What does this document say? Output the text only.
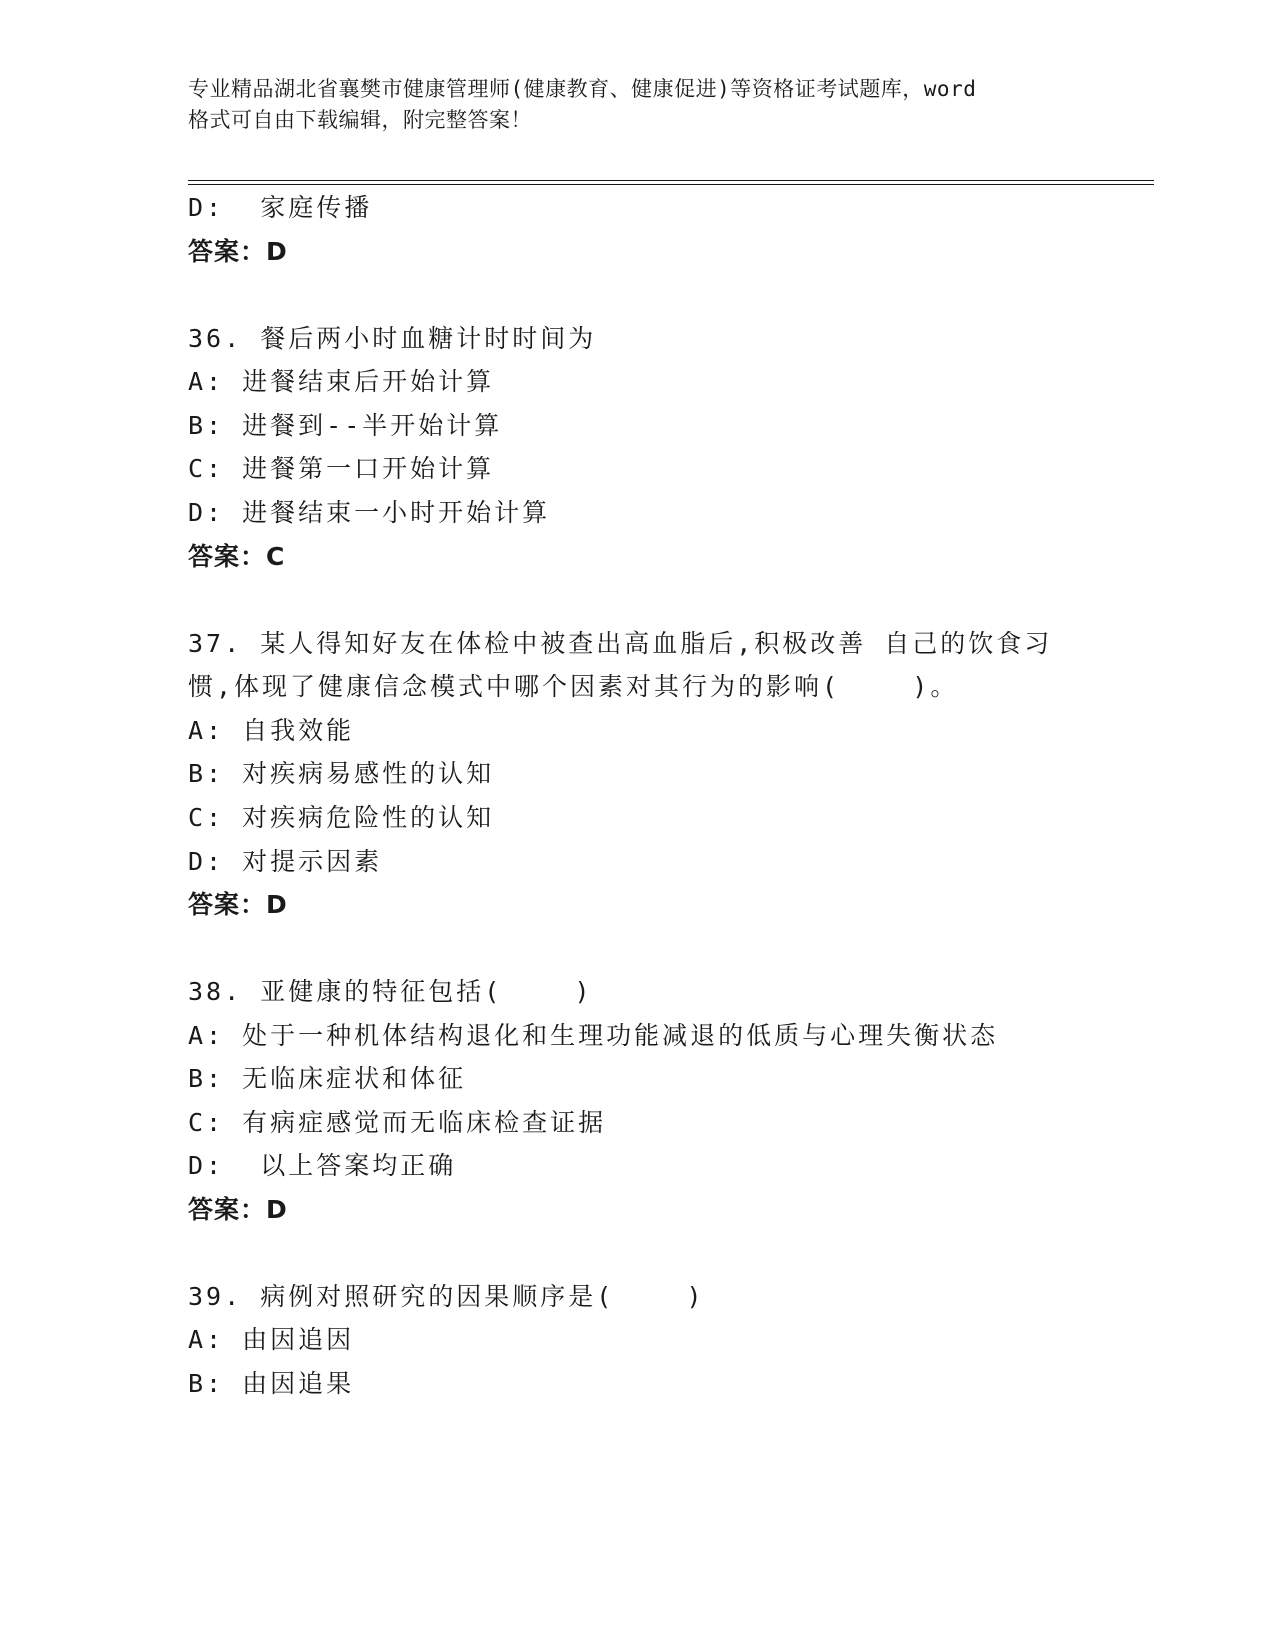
专业精品湖北省襄樊市健康管理师(健康教育、健康促进)等资格证考试题库，word
格式可自由下载编辑，附完整答案！
D:  家庭传播
答案：D
36. 餐后两小时血糖计时时间为
A: 进餐结束后开始计算
B: 进餐到--半开始计算
C: 进餐第一口开始计算
D: 进餐结束一小时开始计算
答案：C
37. 某人得知好友在体检中被查出高血脂后,积极改善 自己的饮食习
惯,体现了健康信念模式中哪个因素对其行为的影响(    )。
A: 自我效能
B: 对疾病易感性的认知
C: 对疾病危险性的认知
D: 对提示因素
答案：D
38. 亚健康的特征包括(    )
A: 处于一种机体结构退化和生理功能减退的低质与心理失衡状态
B: 无临床症状和体征
C: 有病症感觉而无临床检查证据
D:  以上答案均正确
答案：D
39. 病例对照研究的因果顺序是(    )
A: 由因追因
B: 由因追果
